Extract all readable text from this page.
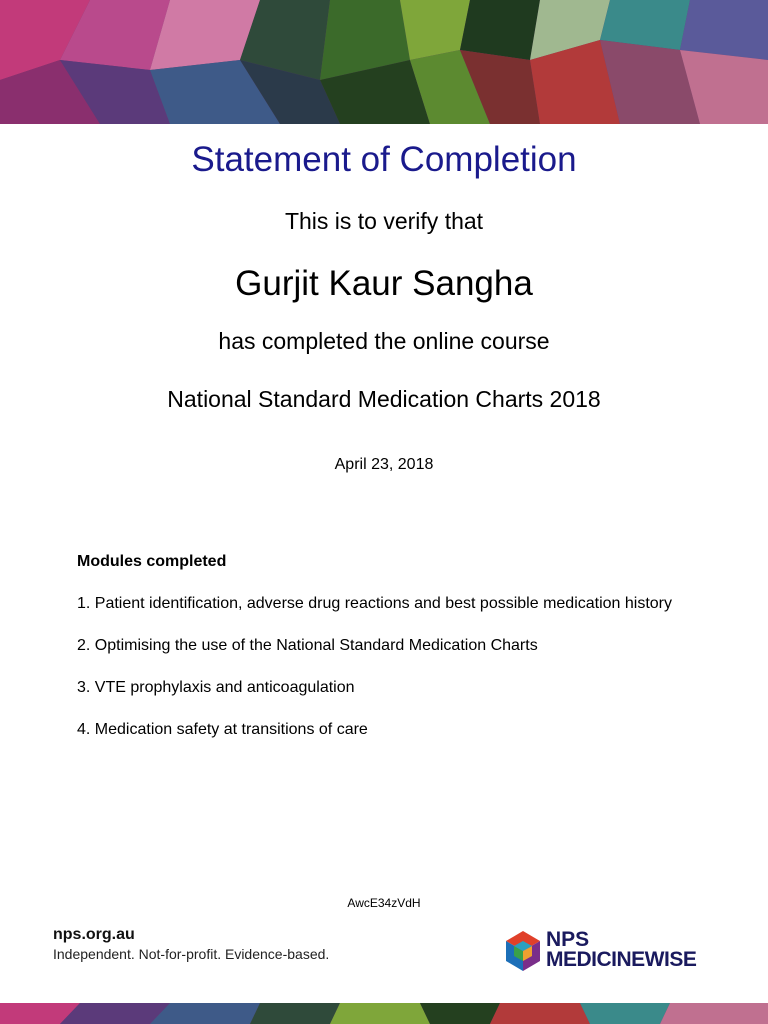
Statement of Completion
This is to verify that
Gurjit Kaur Sangha
has completed the online course
National Standard Medication Charts 2018
April 23, 2018
Modules completed
1. Patient identification, adverse drug reactions and best possible medication history
2. Optimising the use of the National Standard Medication Charts
3. VTE prophylaxis and anticoagulation
4. Medication safety at transitions of care
AwcE34zVdH
nps.org.au
Independent. Not-for-profit. Evidence-based.
NPS
MEDICINEWISE
